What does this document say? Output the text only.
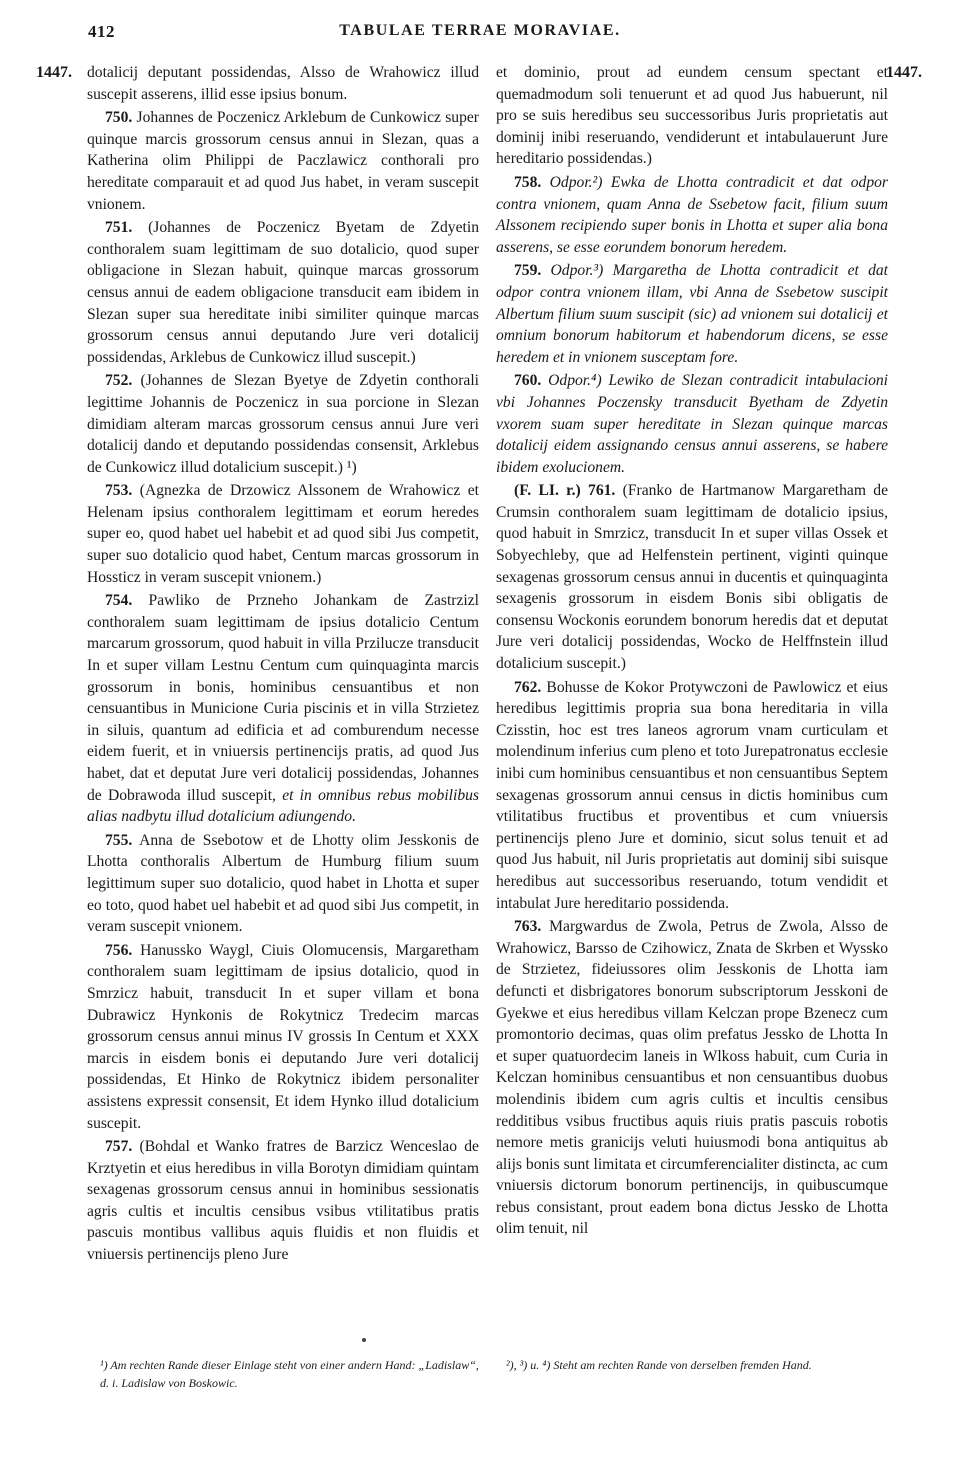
412	TABULAE TERRAE MORAVIAE.
1447.	1447.

dotalicij deputant possidendas, Alsso de Wrahowicz illud suscepit asserens, illid esse ipsius bonum.

750. Johannes de Poczenicz Arklebum de Cunkowicz super quinque marcis grossorum census annui in Slezan, quas a Katherina olim Philippi de Paczlawicz conthorali pro hereditate comparauit et ad quod Jus habet, in veram suscepit vnionem.

751. (Johannes de Poczenicz Byetam de Zdyetin conthoralem suam legittimam de suo dotalicio, quod super obligacione in Slezan habuit, quinque marcas grossorum census annui de eadem obligacione transducit eam ibidem in Slezan super sua hereditate inibi similiter quinque marcas grossorum census annui deputando Jure veri dotalicij possidendas, Arklebus de Cunkowicz illud suscepit.)

752. (Johannes de Slezan Byetye de Zdyetin conthorali legittime Johannis de Poczenicz in sua porcione in Slezan dimidiam alteram marcas grossorum census annui Jure veri dotalicij dando et deputando possidendas consensit, Arklebus de Cunkowicz illud dotalicium suscepit.) ¹)

753. (Agnezka de Drzowicz Alssonem de Wrahowicz et Helenam ipsius conthoralem legittimam et eorum heredes super eo, quod habet uel habebit et ad quod sibi Jus competit, super suo dotalicio quod habet, Centum marcas grossorum in Hossticz in veram suscepit vnionem.)

754. Pawliko de Przneho Johankam de Zastrzizl conthoralem suam legittimam de ipsius dotalicio Centum marcarum grossorum, quod habuit in villa Przilucze transducit In et super villam Lestnu Centum cum quinquaginta marcis grossorum in bonis, hominibus censuantibus et non censuantibus in Municione Curia piscinis et in villa Strzietez in siluis, quantum ad edificia et ad comburendum necesse eidem fuerit, et in vniuersis pertinencijs pratis, ad quod Jus habet, dat et deputat Jure veri dotalicij possidendas, Johannes de Dobrawoda illud suscepit, et in omnibus rebus mobilibus alias nadbytu illud dotalicium adiungendo.

755. Anna de Ssebotow et de Lhotty olim Jesskonis de Lhotta conthoralis Albertum de Humburg filium suum legittimum super suo dotalicio, quod habet in Lhotta et super eo toto, quod habet uel habebit et ad quod sibi Jus competit, in veram suscepit vnionem.

756. Hanussko Waygl, Ciuis Olomucensis, Margaretham conthoralem suam legittimam de ipsius dotalicio, quod in Smrzicz habuit, transducit In et super villam et bona Dubrawicz Hynkonis de Rokytnicz Tredecim marcas grossorum census annui minus IV grossis In Centum et XXX marcis in eisdem bonis ei deputando Jure veri dotalicij possidendas, Et Hinko de Rokytnicz ibidem personaliter assistens expressit consensit, Et idem Hynko illud dotalicium suscepit.

757. (Bohdal et Wanko fratres de Barzicz Wenceslao de Krztyetin et eius heredibus in villa Borotyn dimidiam quintam sexagenas grossorum census annui in hominibus sessionatis agris cultis et incultis censibus vsibus vtilitatibus pratis pascuis montibus vallibus aquis fluidis et non fluidis et vniuersis pertinencijs pleno Jure

et dominio, prout ad eundem censum spectant et quemadmodum soli tenuerunt et ad quod Jus habuerunt, nil pro se suis heredibus seu successoribus Juris proprietatis aut dominij inibi reseruando, vendiderunt et intabulauerunt Jure hereditario possidendas.)

758. Odpor.²) Ewka de Lhotta contradicit et dat odpor contra vnionem, quam Anna de Ssebetow facit, filium suum Alssonem recipiendo super bonis in Lhotta et super alia bona asserens, se esse eorundem bonorum heredem.

759. Odpor.³) Margaretha de Lhotta contradicit et dat odpor contra vnionem illam, vbi Anna de Ssebetow suscipit Albertum filium suum suscipit (sic) ad vnionem sui dotalicij et omnium bonorum habitorum et habendorum dicens, se esse heredem et in vnionem susceptam fore.

760. Odpor.⁴) Lewiko de Slezan contradicit intabulacioni vbi Johannes Poczensky transducit Byetham de Zdyetin vxorem suam super hereditate in Slezan quinque marcas dotalicij eidem assignando census annui asserens, se habere ibidem exolucionem.

(F. LI. r.) 761. (Franko de Hartmanow Margaretham de Crumsin conthoralem suam legittimam de dotalicio ipsius, quod habuit in Smrzicz, transducit In et super villas Ossek et Sobyechleby, que ad Helfenstein pertinent, viginti quinque sexagenas grossorum census annui in ducentis et quinquaginta sexagenis grossorum in eisdem Bonis sibi obligatis de consensu Wockonis eorundem bonorum heredis dat et deputat Jure veri dotalicij possidendas, Wocko de Helffnstein illud dotalicium suscepit.)

762. Bohusse de Kokor Protywczoni de Pawlowicz et eius heredibus legittimis propria sua bona hereditaria in villa Czisstin, hoc est tres laneos agrorum vnam curticulam et molendinum inferius cum pleno et toto Jurepatronatus ecclesie inibi cum hominibus censuantibus et non censuantibus Septem sexagenas grossorum annui census in dictis hominibus cum vtilitatibus fructibus et proventibus et cum vniuersis pertinencijs pleno Jure et dominio, sicut solus tenuit et ad quod Jus habuit, nil Juris proprietatis aut dominij sibi suisque heredibus aut successoribus reseruando, totum vendidit et intabulat Jure hereditario possidenda.

763. Margwardus de Zwola, Petrus de Zwola, Alsso de Wrahowicz, Barsso de Czihowicz, Znata de Skrben et Wyssko de Strzietez, fideiussores olim Jesskonis de Lhotta iam defuncti et disbrigatores bonorum subscriptorum Jesskoni de Gyekwe et eius heredibus villam Kelczan prope Bzenecz cum promontorio decimas, quas olim prefatus Jessko de Lhotta In et super quatuordecim laneis in Wlkoss habuit, cum Curia in Kelczan hominibus censuantibus et non censuantibus duobus molendinis ibidem cum agris cultis et incultis censibus redditibus vsibus fructibus aquis riuis pratis pascuis robotis nemore metis granicijs veluti huiusmodi bona antiquitus ab alijs bonis sunt limitata et circumferencialiter distincta, ac cum vniuersis dictorum bonorum pertinencijs, in quibuscumque rebus consistant, prout eadem bona dictus Jessko de Lhotta olim tenuit, nil

¹) Am rechten Rande dieser Einlage steht von einer andern Hand: „Ladislaw“, d. i. Ladislaw von Boskowic.
²), ³) u. ⁴) Steht am rechten Rande von derselben fremden Hand.
